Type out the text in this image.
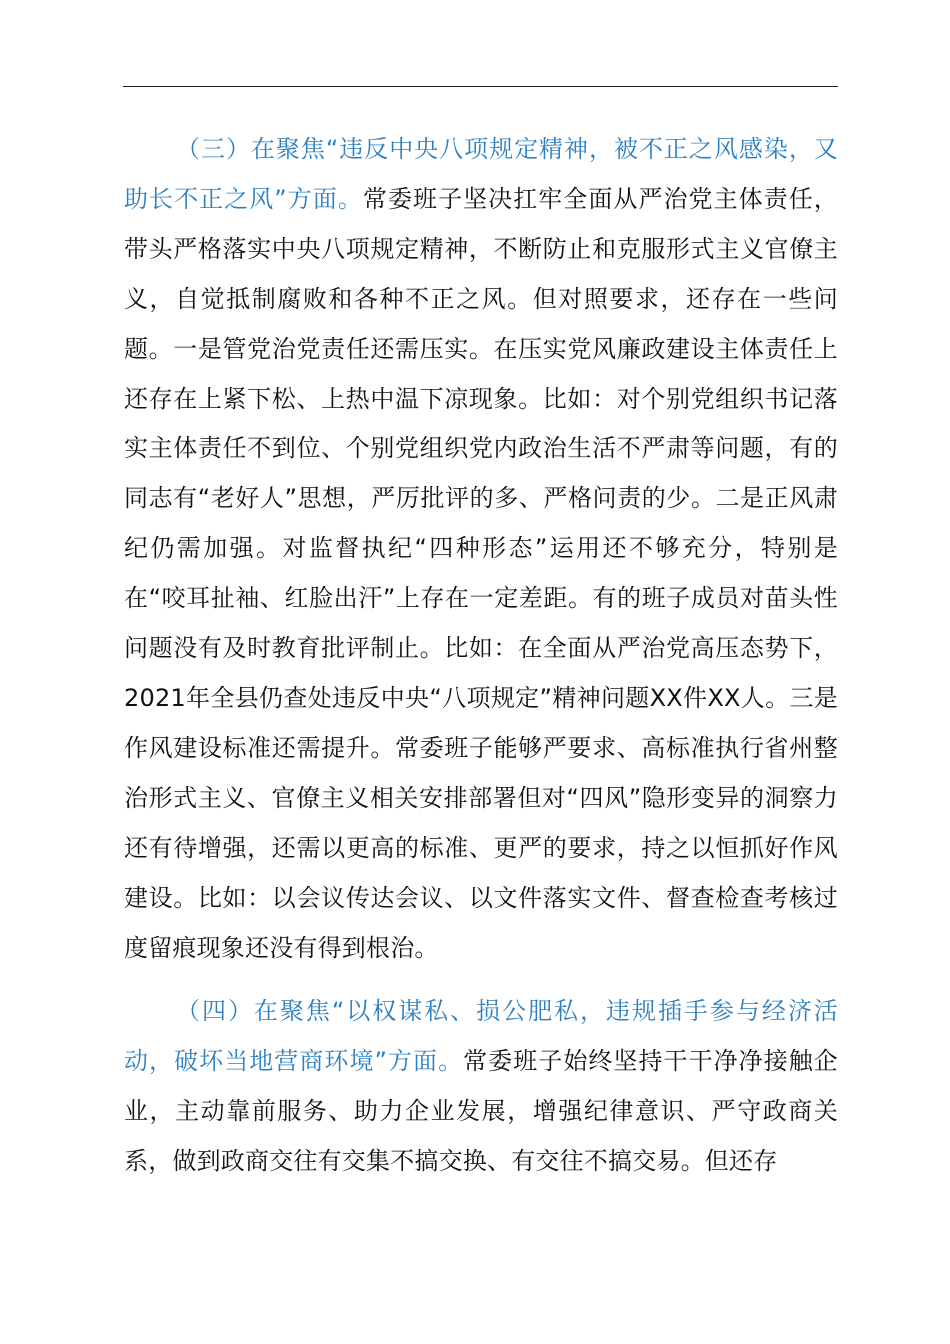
（三）在聚焦“违反中央八项规定精神，被不正之风感染，又助长不正之风”方面。常委班子坚决扛牢全面从严治党主体责任，带头严格落实中央八项规定精神，不断防止和克服形式主义官僚主义，自觉抵制腐败和各种不正之风。但对照要求，还存在一些问题。一是管党治党责任还需压实。在压实党风廉政建设主体责任上还存在上紧下松、上热中温下凉现象。比如：对个别党组织书记落实主体责任不到位、个别党组织党内政治生活不严肃等问题，有的同志有“老好人”思想，严厉批评的多、严格问责的少。二是正风肃纪仍需加强。对监督执纪“四种形态”运用还不够充分，特别是在“咬耳扯袖、红脸出汗”上存在一定差距。有的班子成员对苗头性问题没有及时教育批评制止。比如：在全面从严治党高压态势下，2021年全县仍查处违反中央“八项规定”精神问题XX件XX人。三是作风建设标准还需提升。常委班子能够严要求、高标准执行省州整治形式主义、官僚主义相关安排部署但对“四风”隐形变异的洞察力还有待增强，还需以更高的标准、更严的要求，持之以恒抓好作风建设。比如：以会议传达会议、以文件落实文件、督查检查考核过度留痕现象还没有得到根治。

（四）在聚焦“以权谋私、损公肥私，违规插手参与经济活动，破坏当地营商环境”方面。常委班子始终坚持干干净净接触企业，主动靠前服务、助力企业发展，增强纪律意识、严守政商关系，做到政商交往有交集不搞交换、有交往不搞交易。但还存
